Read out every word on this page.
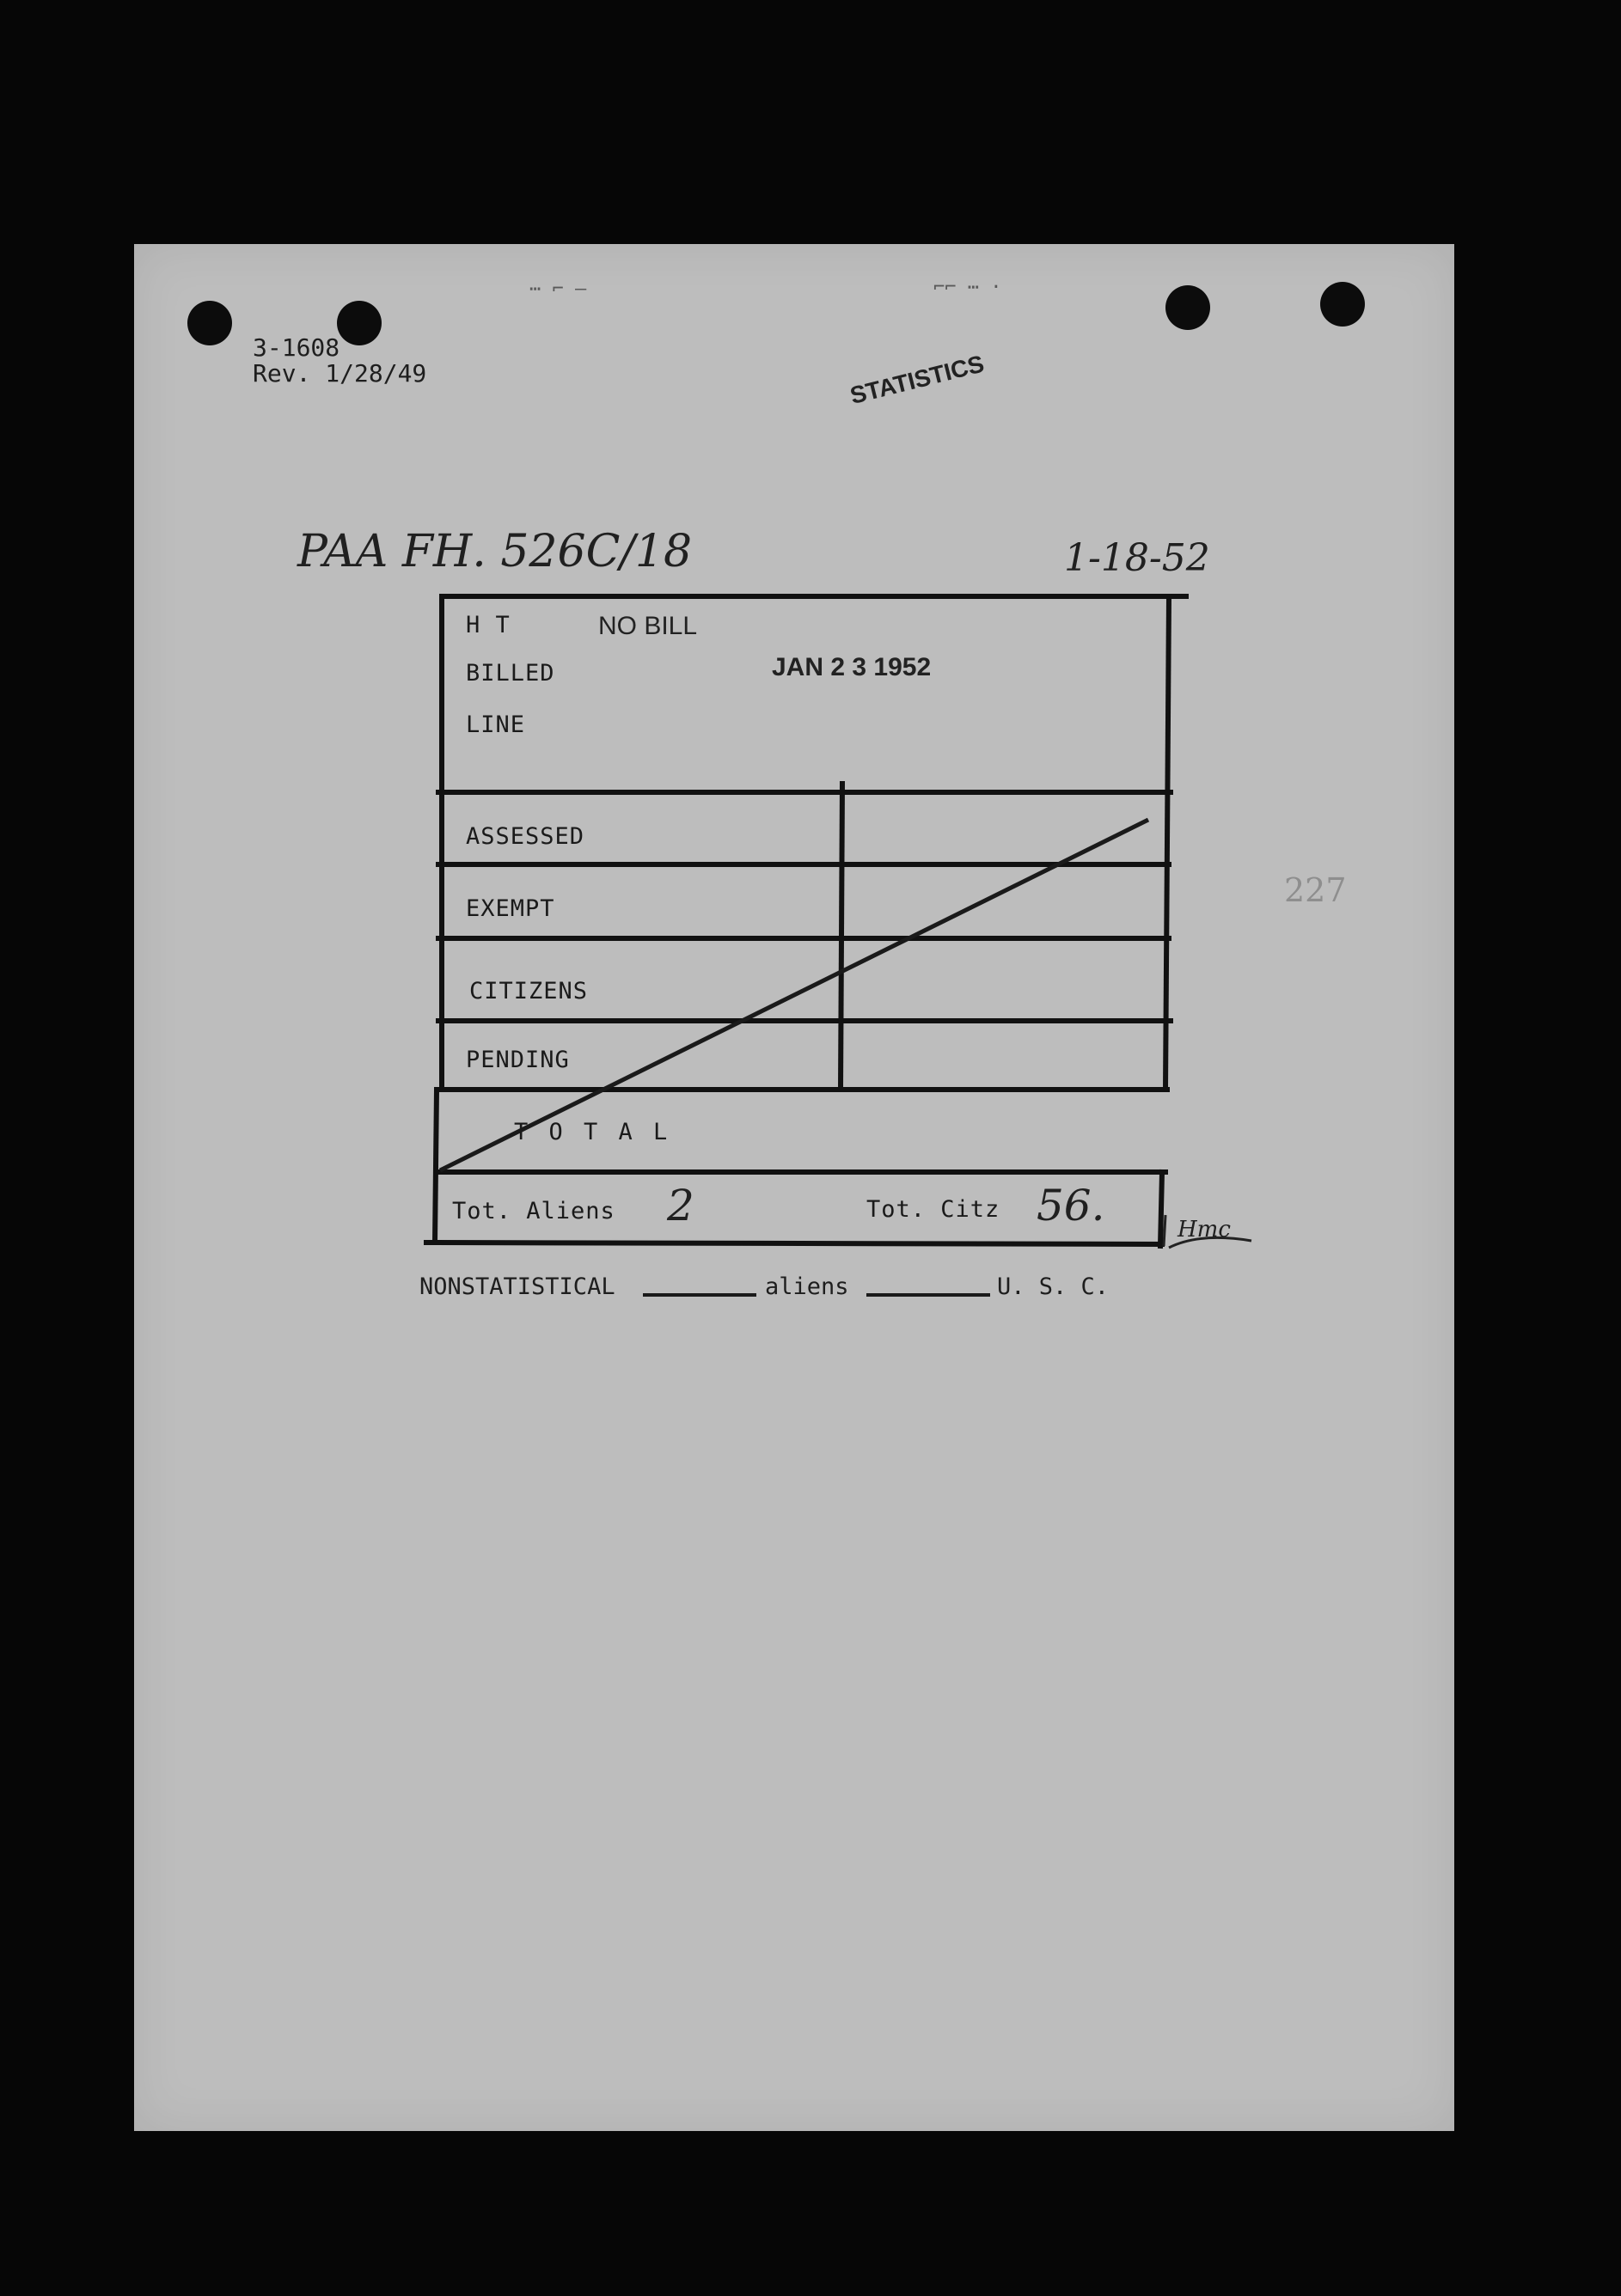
⋯ ⌐ –	⌐⌐ ⋯ ·
3-1608
Rev. 1/28/49	STATISTICS
PAA FH. 526C/18	1-18-52
227
H T	NO BILL
BILLED	JAN 2 3 1952
LINE
ASSESSED
EXEMPT
CITIZENS
PENDING
T O T A L
Tot. Aliens 2	Tot. Citz 56.	Hmc
NONSTATISTICAL	aliens	U. S. C.
